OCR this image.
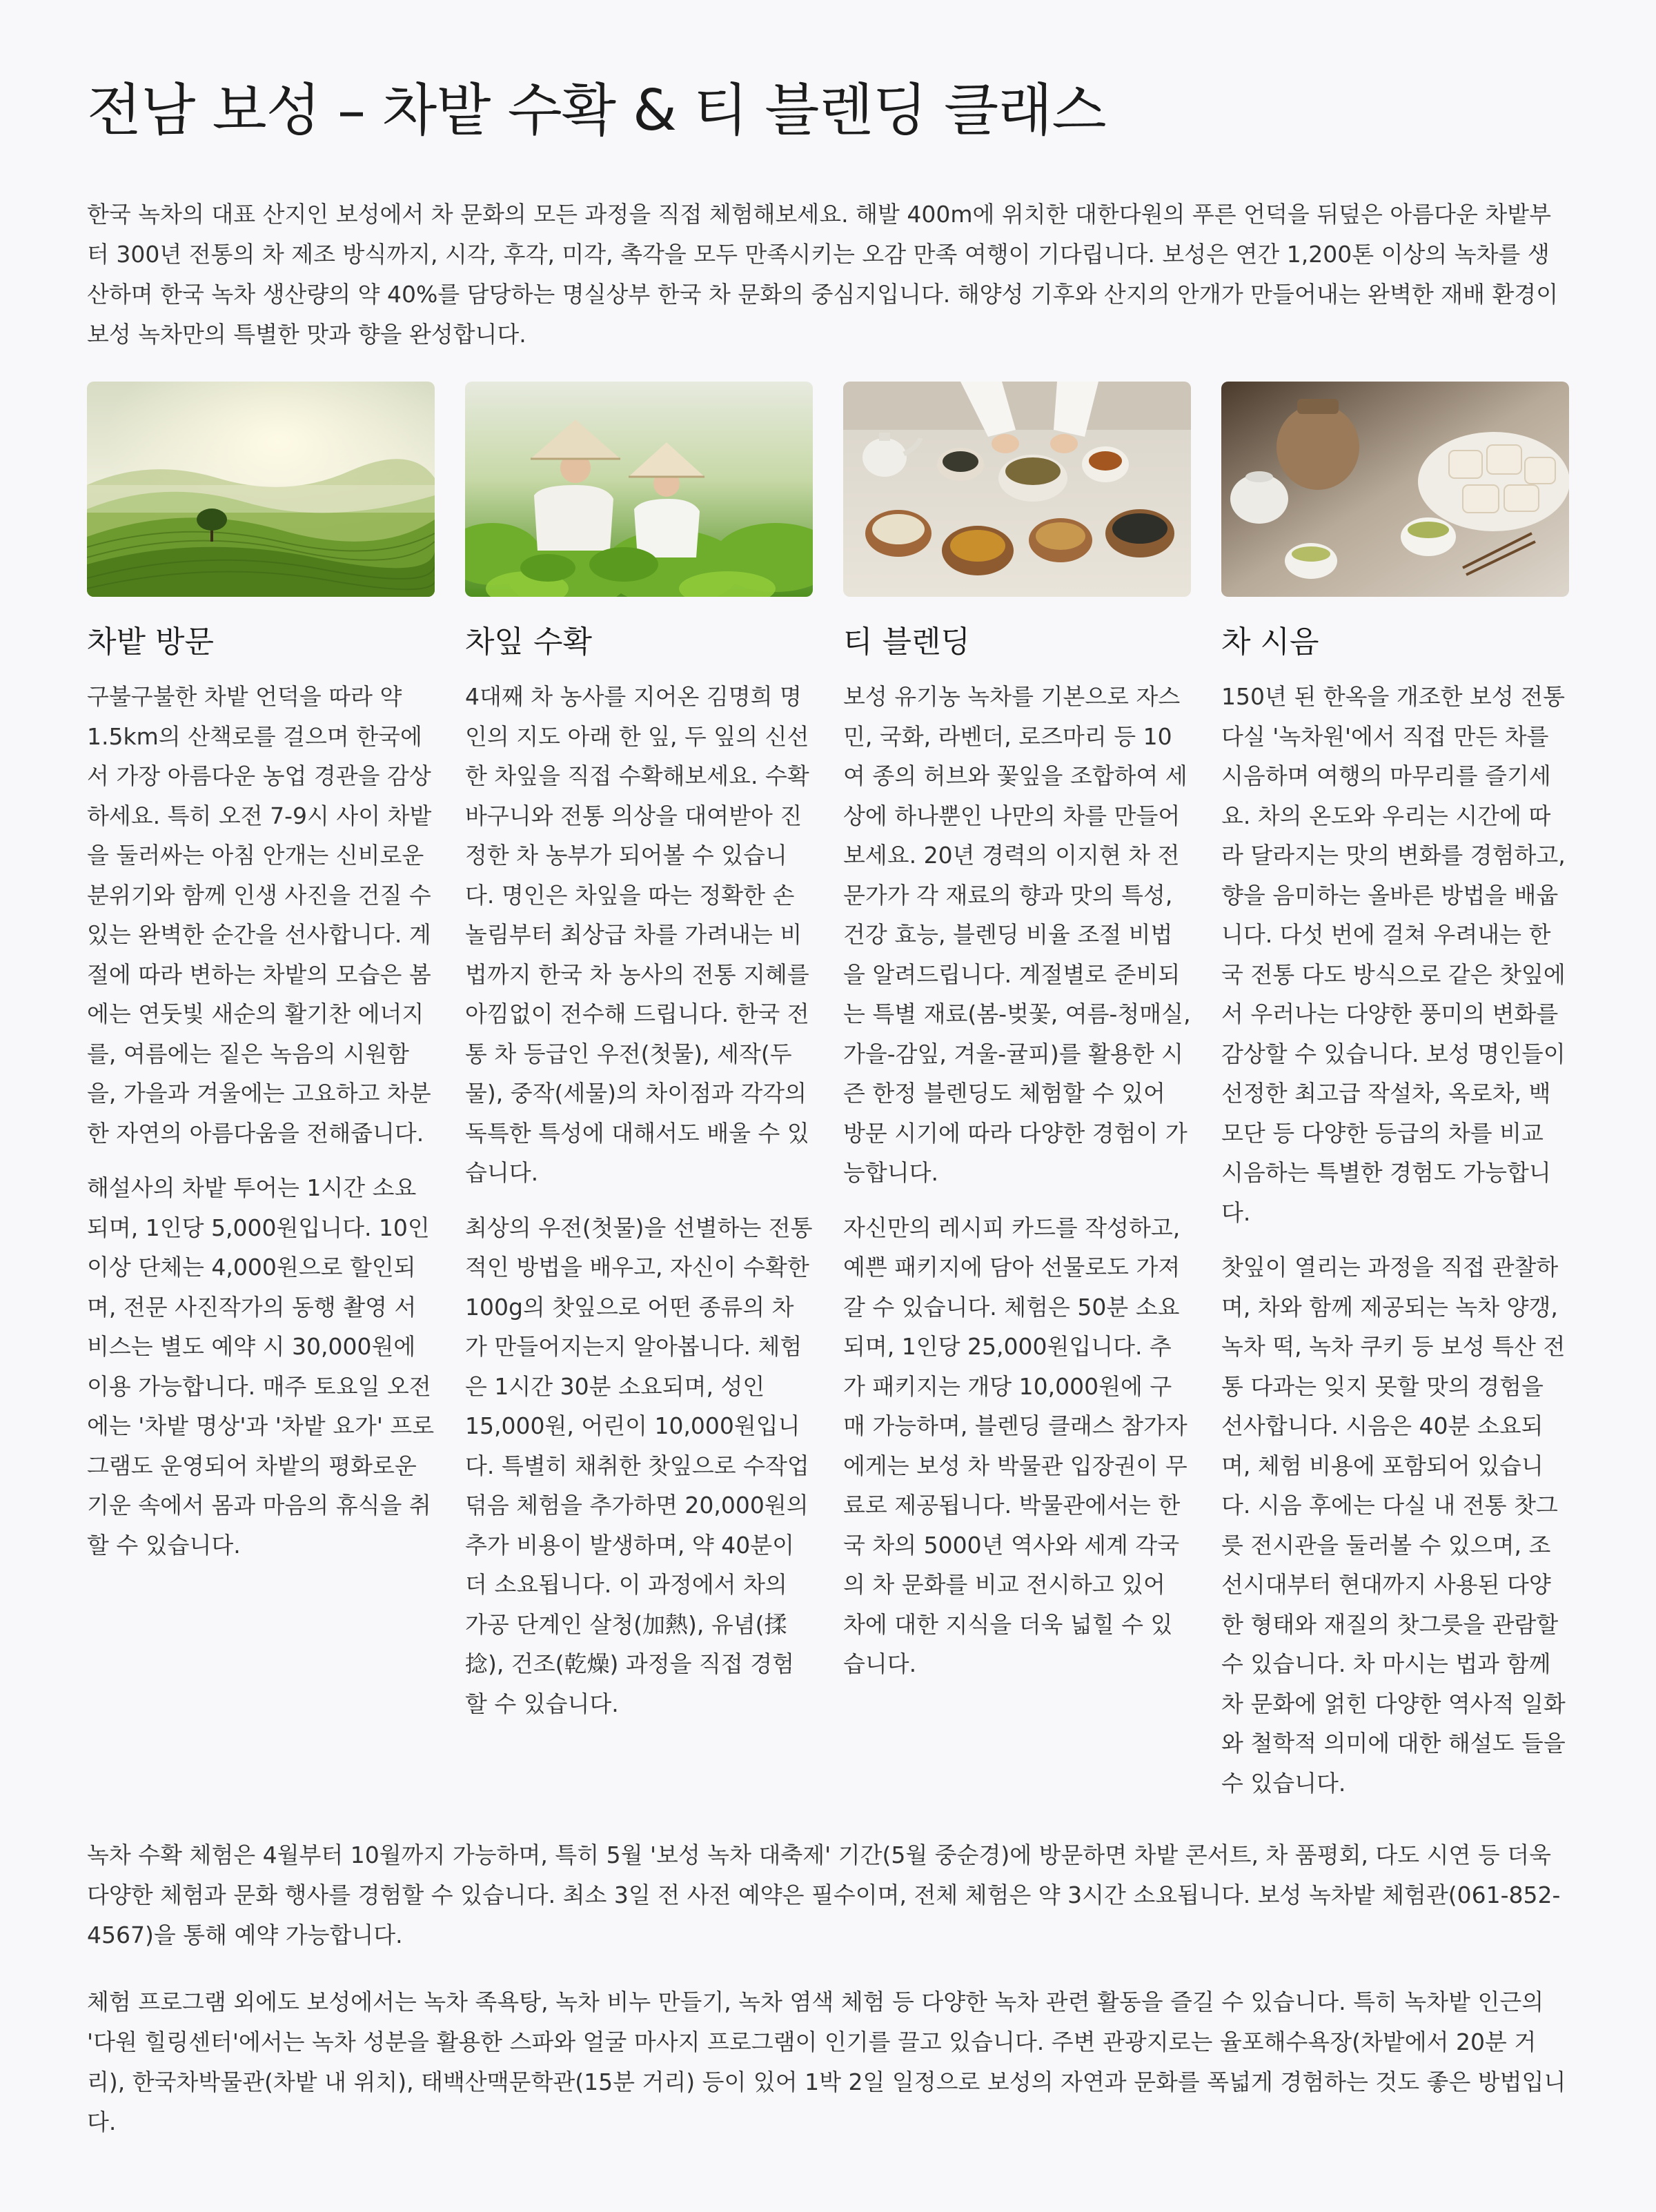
전남 보성 – 차밭 수확 & 티 블렌딩 클래스

한국 녹차의 대표 산지인 보성에서 차 문화의 모든 과정을 직접 체험해보세요. 해발 400m에 위치한 대한다원의 푸른 언덕을 뒤덮은 아름다운 차밭부터 300년 전통의 차 제조 방식까지, 시각, 후각, 미각, 촉각을 모두 만족시키는 오감 만족 여행이 기다립니다. 보성은 연간 1,200톤 이상의 녹차를 생산하며 한국 녹차 생산량의 약 40%를 담당하는 명실상부 한국 차 문화의 중심지입니다. 해양성 기후와 산지의 안개가 만들어내는 완벽한 재배 환경이 보성 녹차만의 특별한 맛과 향을 완성합니다.

차밭 방문

구불구불한 차밭 언덕을 따라 약 1.5km의 산책로를 걸으며 한국에서 가장 아름다운 농업 경관을 감상하세요. 특히 오전 7-9시 사이 차밭을 둘러싸는 아침 안개는 신비로운 분위기와 함께 인생 사진을 건질 수 있는 완벽한 순간을 선사합니다. 계절에 따라 변하는 차밭의 모습은 봄에는 연둣빛 새순의 활기찬 에너지를, 여름에는 짙은 녹음의 시원함을, 가을과 겨울에는 고요하고 차분한 자연의 아름다움을 전해줍니다.

해설사의 차밭 투어는 1시간 소요되며, 1인당 5,000원입니다. 10인 이상 단체는 4,000원으로 할인되며, 전문 사진작가의 동행 촬영 서비스는 별도 예약 시 30,000원에 이용 가능합니다. 매주 토요일 오전에는 '차밭 명상'과 '차밭 요가' 프로그램도 운영되어 차밭의 평화로운 기운 속에서 몸과 마음의 휴식을 취할 수 있습니다.

차잎 수확

4대째 차 농사를 지어온 김명희 명인의 지도 아래 한 잎, 두 잎의 신선한 차잎을 직접 수확해보세요. 수확 바구니와 전통 의상을 대여받아 진정한 차 농부가 되어볼 수 있습니다. 명인은 차잎을 따는 정확한 손놀림부터 최상급 차를 가려내는 비법까지 한국 차 농사의 전통 지혜를 아낌없이 전수해 드립니다. 한국 전통 차 등급인 우전(첫물), 세작(두물), 중작(세물)의 차이점과 각각의 독특한 특성에 대해서도 배울 수 있습니다.

최상의 우전(첫물)을 선별하는 전통적인 방법을 배우고, 자신이 수확한 100g의 찻잎으로 어떤 종류의 차가 만들어지는지 알아봅니다. 체험은 1시간 30분 소요되며, 성인 15,000원, 어린이 10,000원입니다. 특별히 채취한 찻잎으로 수작업 덖음 체험을 추가하면 20,000원의 추가 비용이 발생하며, 약 40분이 더 소요됩니다. 이 과정에서 차의 가공 단계인 살청(加熱), 유념(揉捻), 건조(乾燥) 과정을 직접 경험할 수 있습니다.

티 블렌딩

보성 유기농 녹차를 기본으로 자스민, 국화, 라벤더, 로즈마리 등 10여 종의 허브와 꽃잎을 조합하여 세상에 하나뿐인 나만의 차를 만들어보세요. 20년 경력의 이지현 차 전문가가 각 재료의 향과 맛의 특성, 건강 효능, 블렌딩 비율 조절 비법을 알려드립니다. 계절별로 준비되는 특별 재료(봄-벚꽃, 여름-청매실, 가을-감잎, 겨울-귤피)를 활용한 시즌 한정 블렌딩도 체험할 수 있어 방문 시기에 따라 다양한 경험이 가능합니다.

자신만의 레시피 카드를 작성하고, 예쁜 패키지에 담아 선물로도 가져갈 수 있습니다. 체험은 50분 소요되며, 1인당 25,000원입니다. 추가 패키지는 개당 10,000원에 구매 가능하며, 블렌딩 클래스 참가자에게는 보성 차 박물관 입장권이 무료로 제공됩니다. 박물관에서는 한국 차의 5000년 역사와 세계 각국의 차 문화를 비교 전시하고 있어 차에 대한 지식을 더욱 넓힐 수 있습니다.

차 시음

150년 된 한옥을 개조한 보성 전통 다실 '녹차원'에서 직접 만든 차를 시음하며 여행의 마무리를 즐기세요. 차의 온도와 우리는 시간에 따라 달라지는 맛의 변화를 경험하고, 향을 음미하는 올바른 방법을 배웁니다. 다섯 번에 걸쳐 우려내는 한국 전통 다도 방식으로 같은 찻잎에서 우러나는 다양한 풍미의 변화를 감상할 수 있습니다. 보성 명인들이 선정한 최고급 작설차, 옥로차, 백모단 등 다양한 등급의 차를 비교 시음하는 특별한 경험도 가능합니다.

찻잎이 열리는 과정을 직접 관찰하며, 차와 함께 제공되는 녹차 양갱, 녹차 떡, 녹차 쿠키 등 보성 특산 전통 다과는 잊지 못할 맛의 경험을 선사합니다. 시음은 40분 소요되며, 체험 비용에 포함되어 있습니다. 시음 후에는 다실 내 전통 찻그릇 전시관을 둘러볼 수 있으며, 조선시대부터 현대까지 사용된 다양한 형태와 재질의 찻그릇을 관람할 수 있습니다. 차 마시는 법과 함께 차 문화에 얽힌 다양한 역사적 일화와 철학적 의미에 대한 해설도 들을 수 있습니다.

녹차 수확 체험은 4월부터 10월까지 가능하며, 특히 5월 '보성 녹차 대축제' 기간(5월 중순경)에 방문하면 차밭 콘서트, 차 품평회, 다도 시연 등 더욱 다양한 체험과 문화 행사를 경험할 수 있습니다. 최소 3일 전 사전 예약은 필수이며, 전체 체험은 약 3시간 소요됩니다. 보성 녹차밭 체험관(061-852-4567)을 통해 예약 가능합니다.

체험 프로그램 외에도 보성에서는 녹차 족욕탕, 녹차 비누 만들기, 녹차 염색 체험 등 다양한 녹차 관련 활동을 즐길 수 있습니다. 특히 녹차밭 인근의 '다원 힐링센터'에서는 녹차 성분을 활용한 스파와 얼굴 마사지 프로그램이 인기를 끌고 있습니다. 주변 관광지로는 율포해수욕장(차밭에서 20분 거리), 한국차박물관(차밭 내 위치), 태백산맥문학관(15분 거리) 등이 있어 1박 2일 일정으로 보성의 자연과 문화를 폭넓게 경험하는 것도 좋은 방법입니다.
